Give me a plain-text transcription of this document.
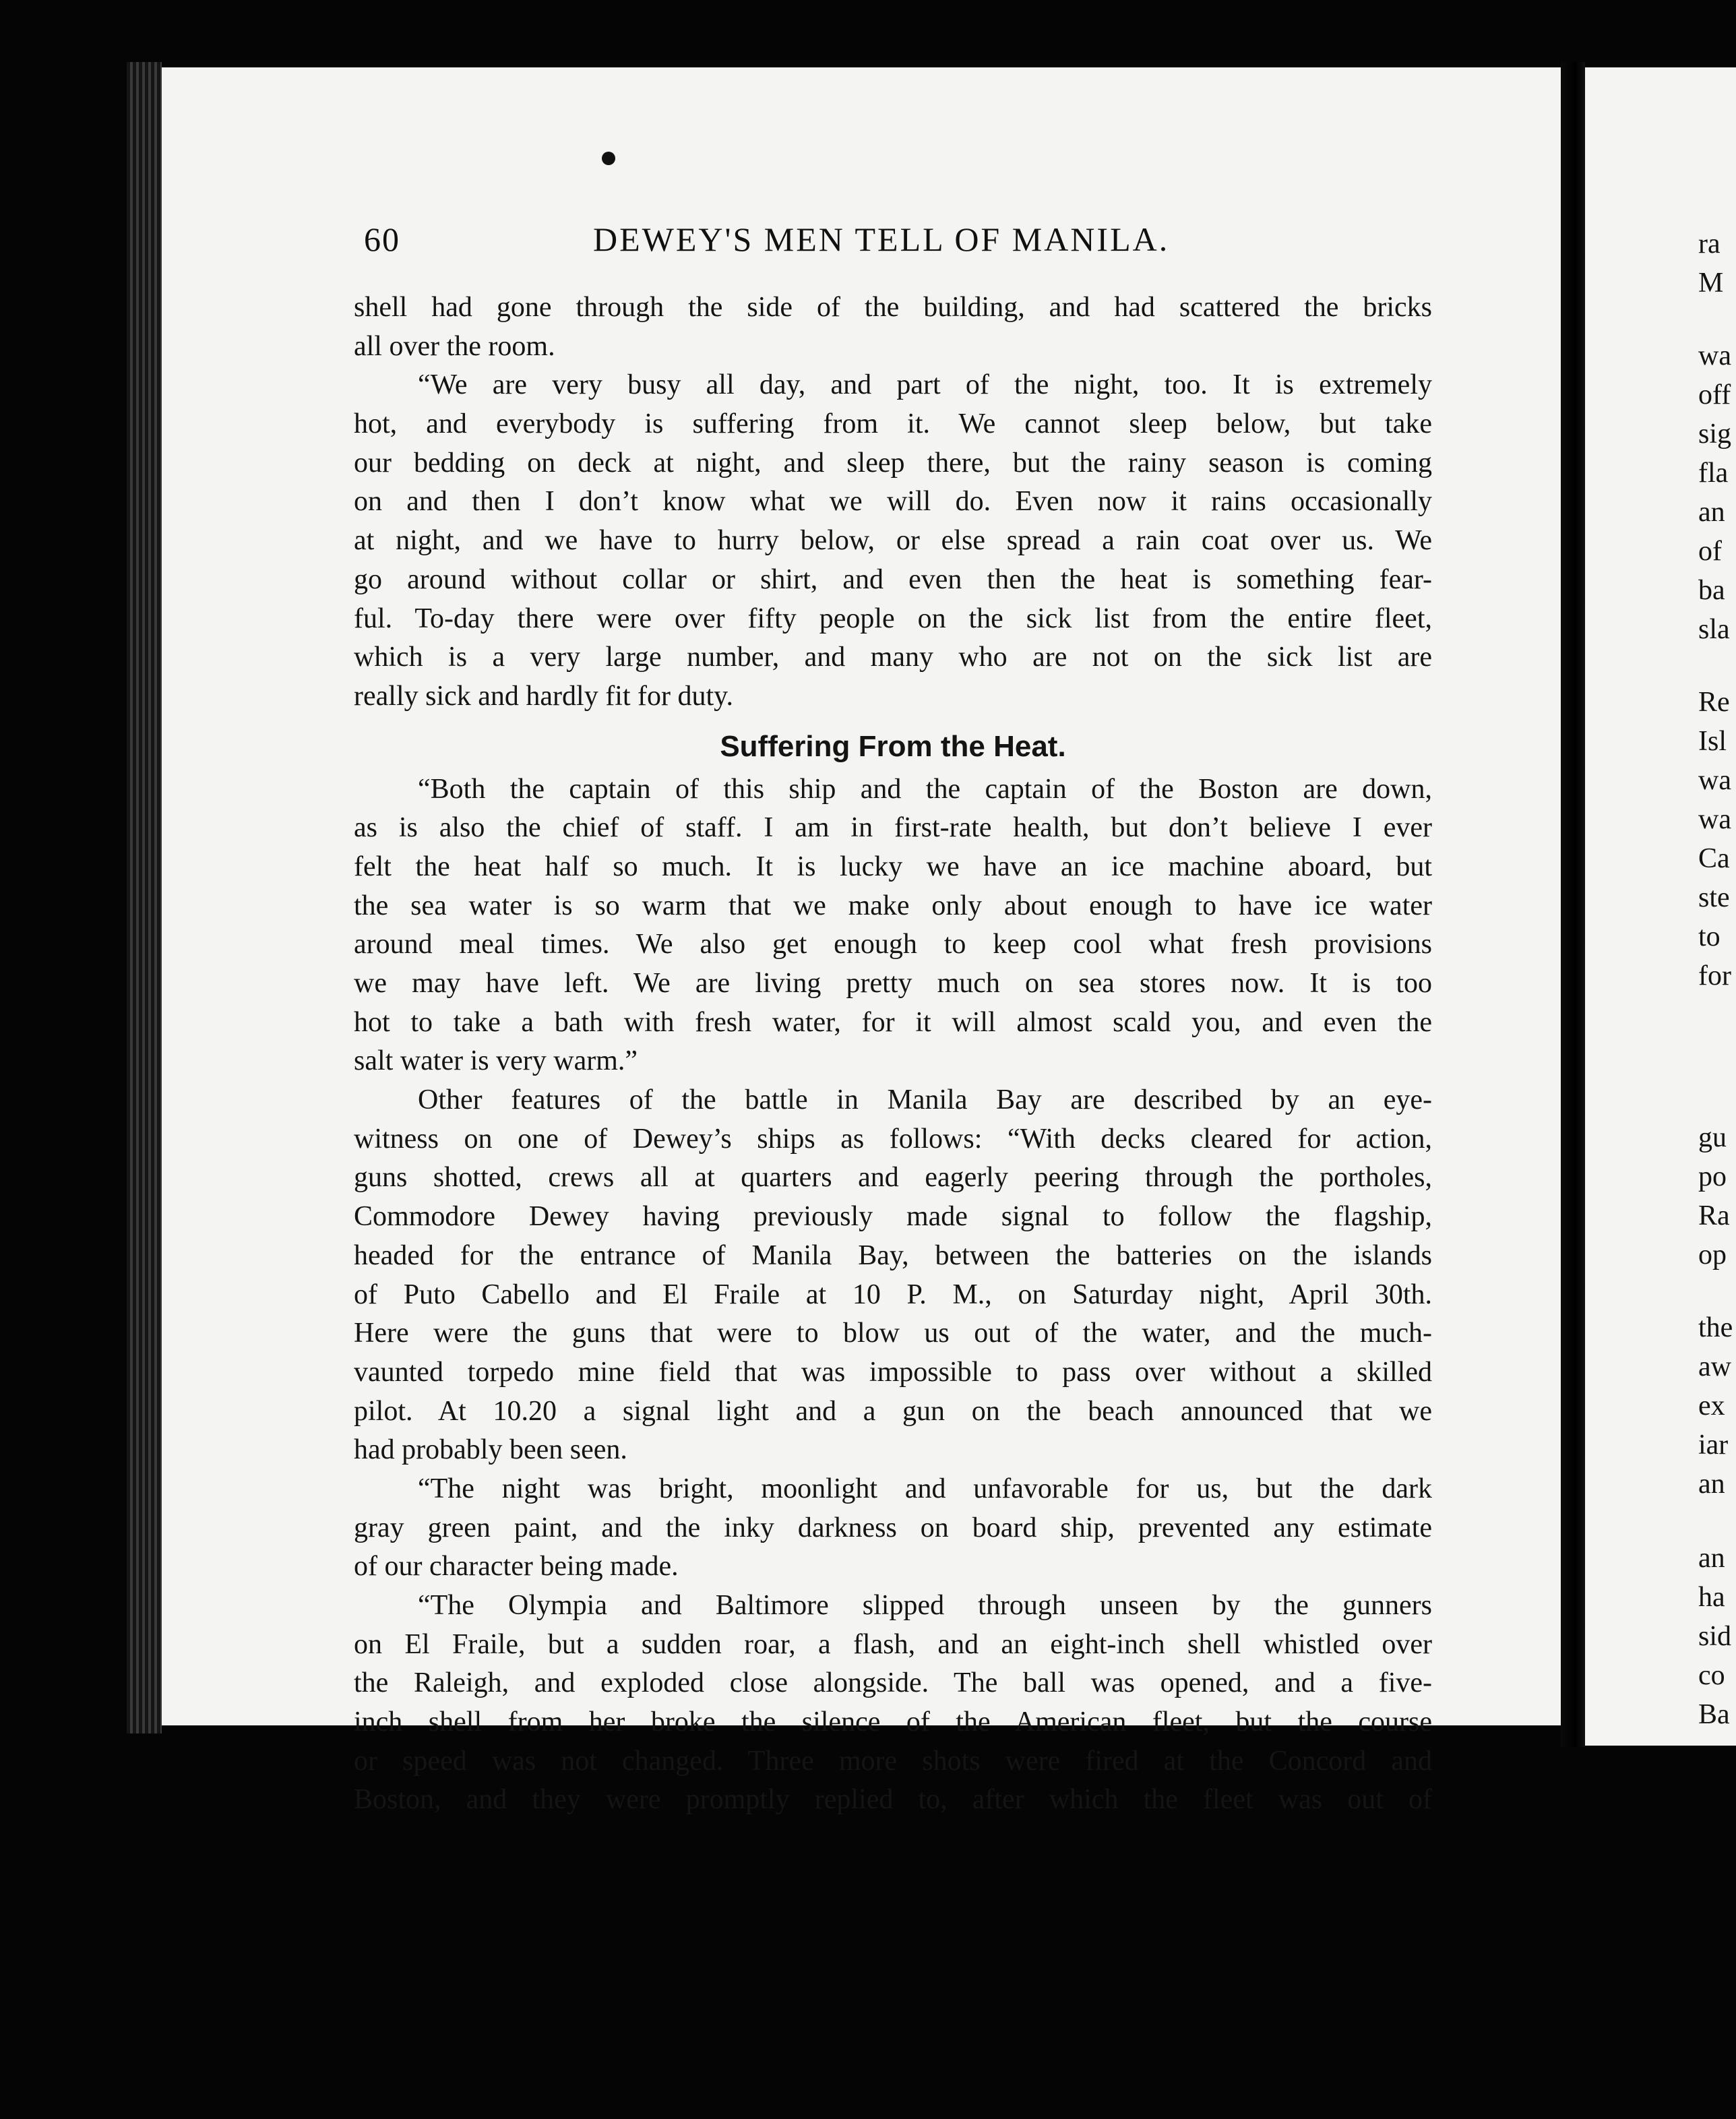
ra
M
wa
off
sig
fla
an
of
ba
sla
Re
Isl
wa
wa
Ca
ste
to
for
gu
po
Ra
op
the
aw
ex
iar
an
an
ha
sid
co
Ba
60	DEWEY'S MEN TELL OF MANILA.
shell had gone through the side of the building, and had scattered the bricks
all over the room.
“We are very busy all day, and part of the night, too. It is extremely
hot, and everybody is suffering from it. We cannot sleep below, but take
our bedding on deck at night, and sleep there, but the rainy season is coming
on and then I don’t know what we will do. Even now it rains occasionally
at night, and we have to hurry below, or else spread a rain coat over us. We
go around without collar or shirt, and even then the heat is something fear-
ful. To-day there were over fifty people on the sick list from the entire fleet,
which is a very large number, and many who are not on the sick list are
really sick and hardly fit for duty.
Suffering From the Heat.
“Both the captain of this ship and the captain of the Boston are down,
as is also the chief of staff. I am in first-rate health, but don’t believe I ever
felt the heat half so much. It is lucky we have an ice machine aboard, but
the sea water is so warm that we make only about enough to have ice water
around meal times. We also get enough to keep cool what fresh provisions
we may have left. We are living pretty much on sea stores now. It is too
hot to take a bath with fresh water, for it will almost scald you, and even the
salt water is very warm.”
Other features of the battle in Manila Bay are described by an eye-
witness on one of Dewey’s ships as follows: “With decks cleared for action,
guns shotted, crews all at quarters and eagerly peering through the portholes,
Commodore Dewey having previously made signal to follow the flagship,
headed for the entrance of Manila Bay, between the batteries on the islands
of Puto Cabello and El Fraile at 10 P. M., on Saturday night, April 30th.
Here were the guns that were to blow us out of the water, and the much-
vaunted torpedo mine field that was impossible to pass over without a skilled
pilot. At 10.20 a signal light and a gun on the beach announced that we
had probably been seen.
“The night was bright, moonlight and unfavorable for us, but the dark
gray green paint, and the inky darkness on board ship, prevented any estimate
of our character being made.
“The Olympia and Baltimore slipped through unseen by the gunners
on El Fraile, but a sudden roar, a flash, and an eight-inch shell whistled over
the Raleigh, and exploded close alongside. The ball was opened, and a five-
inch shell from her broke the silence of the American fleet, but the course
or speed was not changed. Three more shots were fired at the Concord and
Boston, and they were promptly replied to, after which the fleet was out of
